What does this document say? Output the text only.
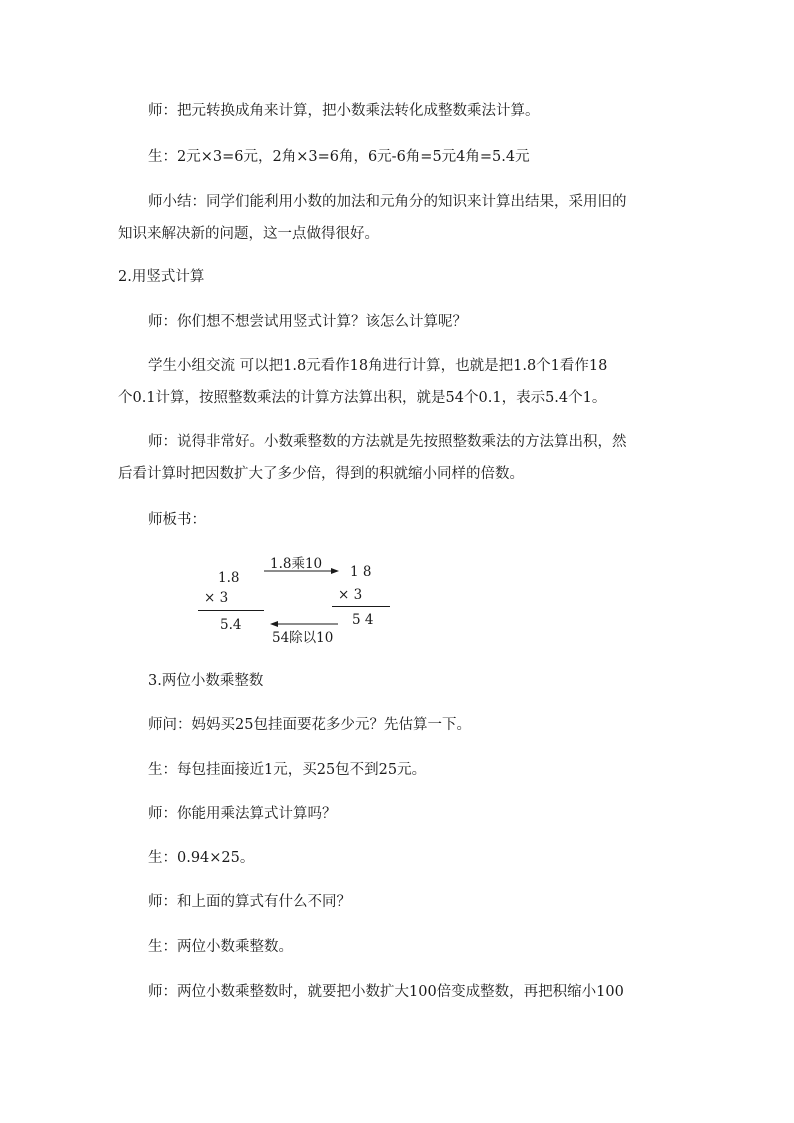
师：把元转换成角来计算，把小数乘法转化成整数乘法计算。
生：2元×3=6元，2角×3=6角，6元-6角=5元4角=5.4元
师小结：同学们能利用小数的加法和元角分的知识来计算出结果，采用旧的
知识来解决新的问题，这一点做得很好。
2.用竖式计算
师：你们想不想尝试用竖式计算？该怎么计算呢？
学生小组交流 可以把1.8元看作18角进行计算，也就是把1.8个1看作18
个0.1计算，按照整数乘法的计算方法算出积，就是54个0.1，表示5.4个1。
师：说得非常好。小数乘整数的方法就是先按照整数乘法的方法算出积，然
后看计算时把因数扩大了多少倍，得到的积就缩小同样的倍数。
师板书：
1.8
× 3
5.4
1 8
× 3
5 4
1.8乘10
54除以10
3.两位小数乘整数
师问：妈妈买25包挂面要花多少元？先估算一下。
生：每包挂面接近1元，买25包不到25元。
师：你能用乘法算式计算吗？
生：0.94×25。
师：和上面的算式有什么不同？
生：两位小数乘整数。
师：两位小数乘整数时，就要把小数扩大100倍变成整数，再把积缩小100
